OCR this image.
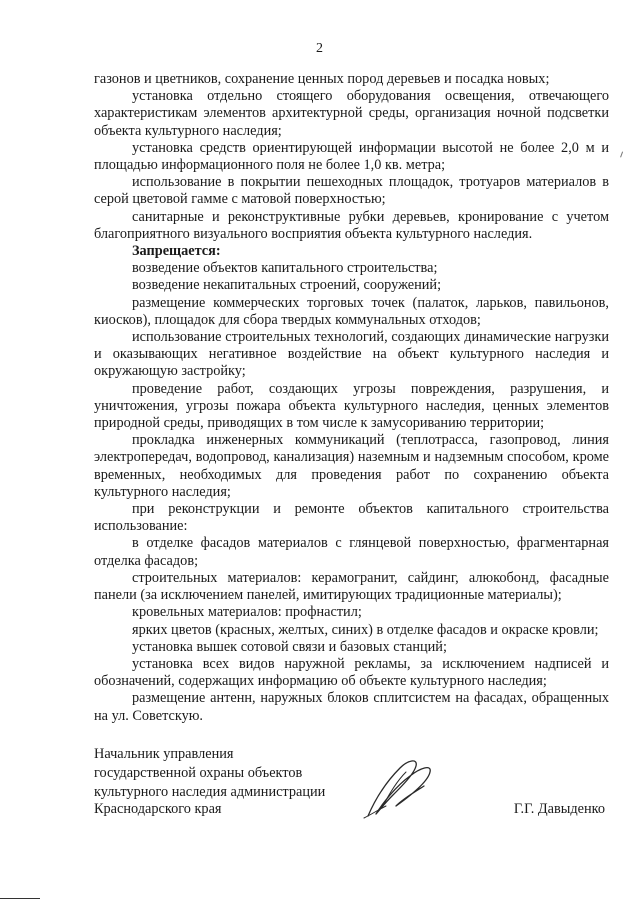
2

газонов и цветников, сохранение ценных пород деревьев и посадка новых;

установка отдельно стоящего оборудования освещения, отвечающего характеристикам элементов архитектурной среды, организация ночной подсветки объекта культурного наследия;

установка средств ориентирующей информации высотой не более 2,0 м и площадью информационного поля не более 1,0 кв. метра;

использование в покрытии пешеходных площадок, тротуаров материалов в серой цветовой гамме с матовой поверхностью;

санитарные и реконструктивные рубки деревьев, кронирование с учетом благоприятного визуального восприятия объекта культурного наследия.

Запрещается:

возведение объектов капитального строительства;

возведение некапитальных строений, сооружений;

размещение коммерческих торговых точек (палаток, ларьков, павильонов, киосков), площадок для сбора твердых коммунальных отходов;

использование строительных технологий, создающих динамические нагрузки и оказывающих негативное воздействие на объект культурного наследия и окружающую застройку;

проведение работ, создающих угрозы повреждения, разрушения, и уничтожения, угрозы пожара объекта культурного наследия, ценных элементов природной среды, приводящих в том числе к замусориванию территории;

прокладка инженерных коммуникаций (теплотрасса, газопровод, линия электропередач, водопровод, канализация) наземным и надземным способом, кроме временных, необходимых для проведения работ по сохранению объекта культурного наследия;

при реконструкции и ремонте объектов капитального строительства использование:

в отделке фасадов материалов с глянцевой поверхностью, фрагментарная отделка фасадов;

строительных материалов: керамогранит, сайдинг, алюкобонд, фасадные панели (за исключением панелей, имитирующих традиционные материалы);

кровельных материалов: профнастил;

ярких цветов (красных, желтых, синих) в отделке фасадов и окраске кровли;

установка вышек сотовой связи и базовых станций;

установка всех видов наружной рекламы, за исключением надписей и обозначений, содержащих информацию об объекте культурного наследия;

размещение антенн, наружных блоков сплитсистем на фасадах, обращенных на ул. Советскую.

Начальник управления
государственной охраны объектов
культурного наследия администрации
Краснодарского края	Г.Г. Давыденко
